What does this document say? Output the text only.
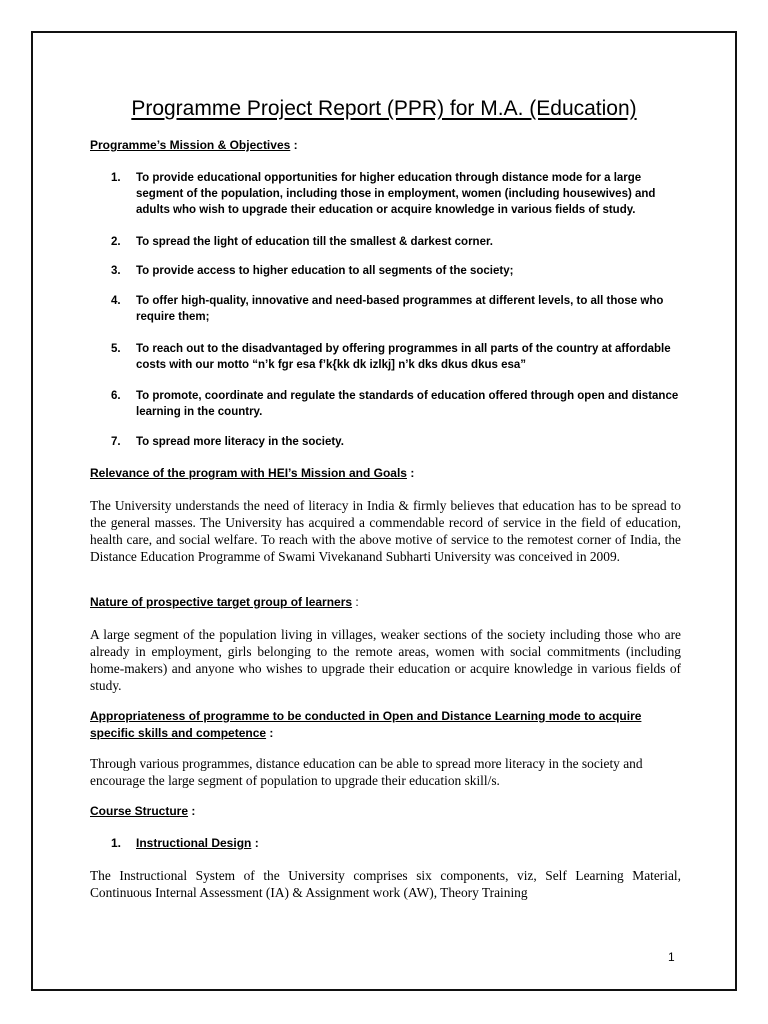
Programme Project Report (PPR) for M.A. (Education)

Programme’s Mission & Objectives :

1. To provide educational opportunities for higher education through distance mode for a large segment of the population, including those in employment, women (including housewives) and adults who wish to upgrade their education or acquire knowledge in various fields of study.
2. To spread the light of education till the smallest & darkest corner.
3. To provide access to higher education to all segments of the society;
4. To offer high-quality, innovative and need-based programmes at different levels, to all those who require them;
5. To reach out to the disadvantaged by offering programmes in all parts of the country at affordable costs with our motto “n’k fgr esa f’k{kk dk izlkj] n’k dks dkus dkus esa”
6. To promote, coordinate and regulate the standards of education offered through open and distance learning in the country.
7. To spread more literacy in the society.

Relevance of the program with HEI’s Mission and Goals :

The University understands the need of literacy in India & firmly believes that education has to be spread to the general masses. The University has acquired a commendable record of service in the field of education, health care, and social welfare. To reach with the above motive of service to the remotest corner of India, the Distance Education Programme of Swami Vivekanand Subharti University was conceived in 2009.

Nature of prospective target group of learners :

A large segment of the population living in villages, weaker sections of the society including those who are already in employment, girls belonging to the remote areas, women with social commitments (including home-makers) and anyone who wishes to upgrade their education or acquire knowledge in various fields of study.

Appropriateness of programme to be conducted in Open and Distance Learning mode to acquire specific skills and competence :

Through various programmes, distance education can be able to spread more literacy in the society and encourage the large segment of population to upgrade their education skill/s.

Course Structure :

1. Instructional Design :

The Instructional System of the University comprises six components, viz, Self Learning Material, Continuous Internal Assessment (IA) & Assignment work (AW), Theory Training

1
